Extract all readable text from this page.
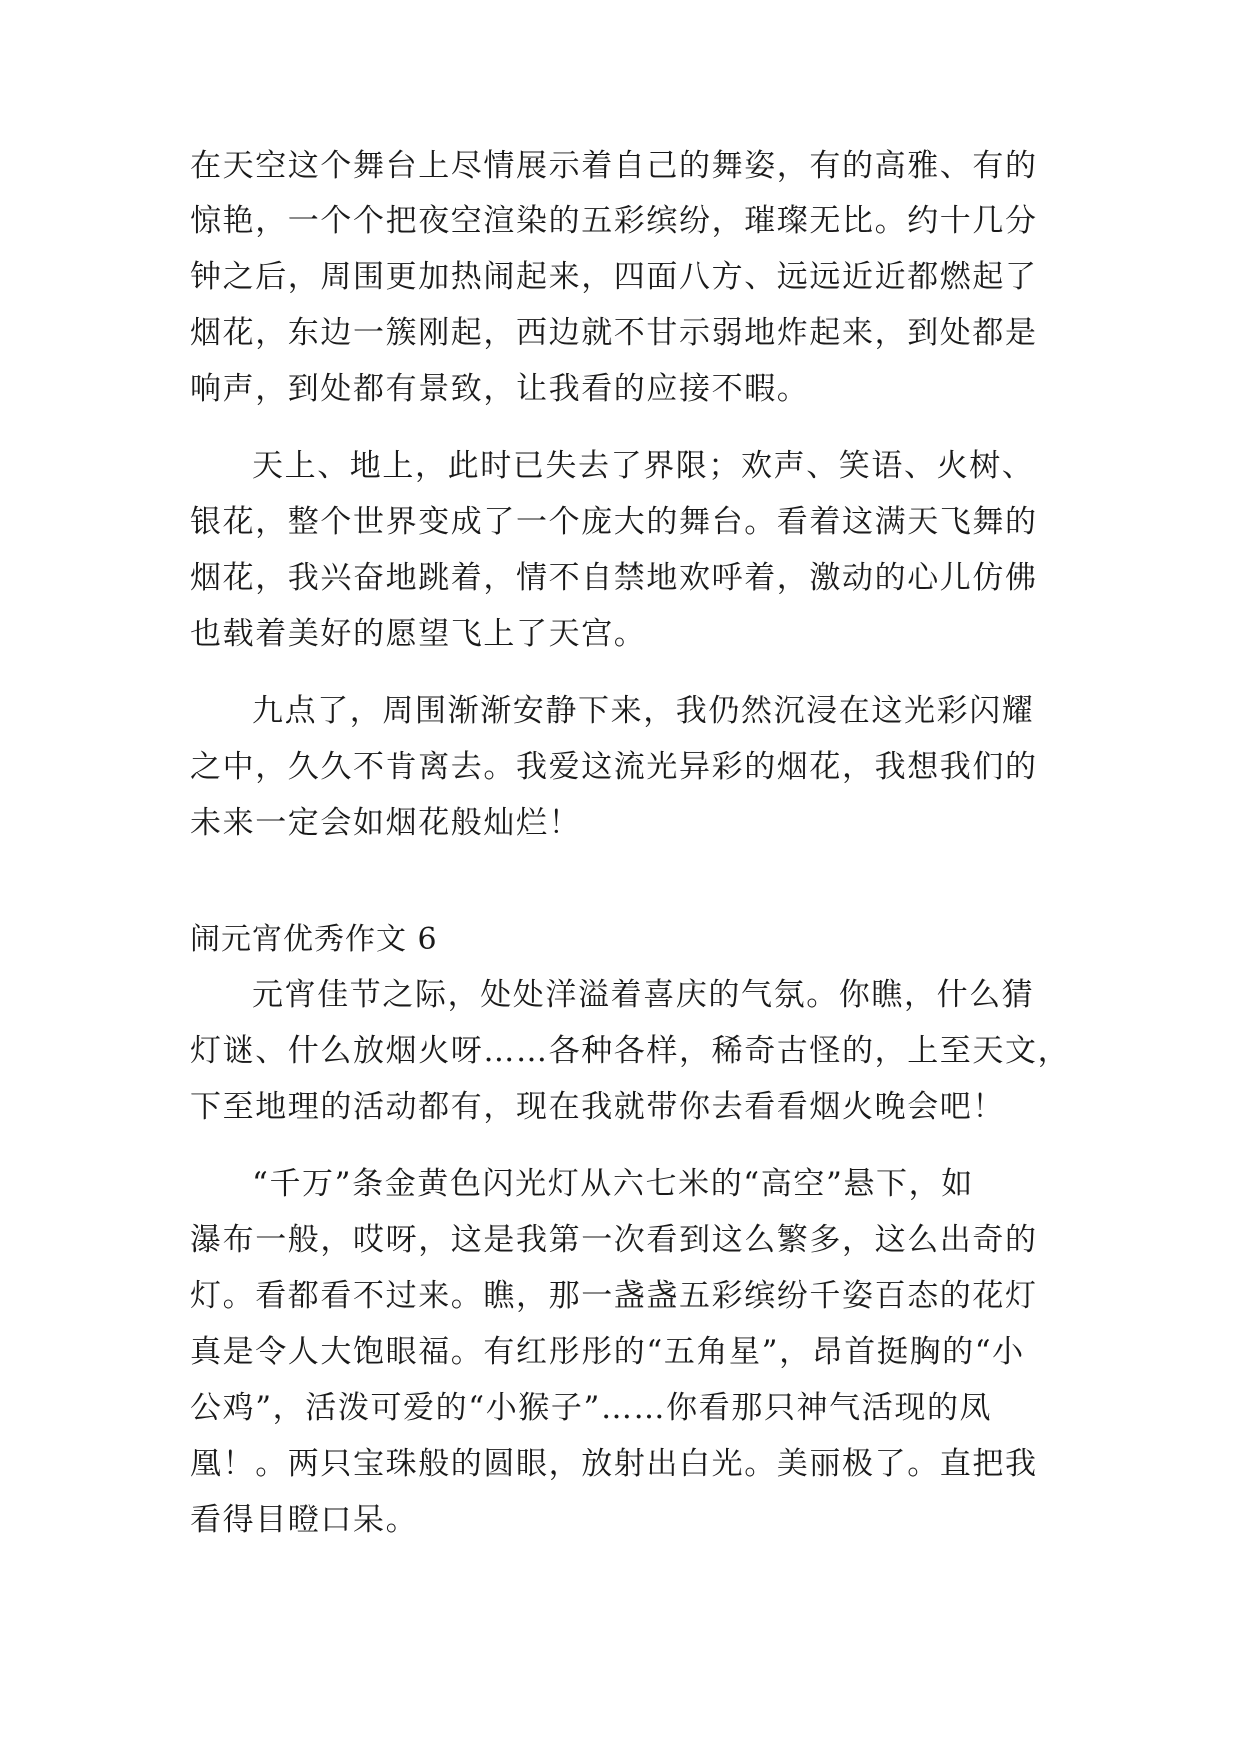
在天空这个舞台上尽情展示着自己的舞姿，有的高雅、有的
惊艳，一个个把夜空渲染的五彩缤纷，璀璨无比。约十几分
钟之后，周围更加热闹起来，四面八方、远远近近都燃起了
烟花，东边一簇刚起，西边就不甘示弱地炸起来，到处都是
响声，到处都有景致，让我看的应接不暇。
天上、地上，此时已失去了界限；欢声、笑语、火树、
银花，整个世界变成了一个庞大的舞台。看着这满天飞舞的
烟花，我兴奋地跳着，情不自禁地欢呼着，激动的心儿仿佛
也载着美好的愿望飞上了天宫。
九点了，周围渐渐安静下来，我仍然沉浸在这光彩闪耀
之中，久久不肯离去。我爱这流光异彩的烟花，我想我们的
未来一定会如烟花般灿烂！
闹元宵优秀作文 6
元宵佳节之际，处处洋溢着喜庆的气氛。你瞧，什么猜
灯谜、什么放烟火呀……各种各样，稀奇古怪的，上至天文，
下至地理的活动都有，现在我就带你去看看烟火晚会吧！
“千万”条金黄色闪光灯从六七米的“高空”悬下，如
瀑布一般，哎呀，这是我第一次看到这么繁多，这么出奇的
灯。看都看不过来。瞧，那一盏盏五彩缤纷千姿百态的花灯
真是令人大饱眼福。有红彤彤的“五角星”，昂首挺胸的“小
公鸡”，活泼可爱的“小猴子”……你看那只神气活现的凤
凰！。两只宝珠般的圆眼，放射出白光。美丽极了。直把我
看得目瞪口呆。
